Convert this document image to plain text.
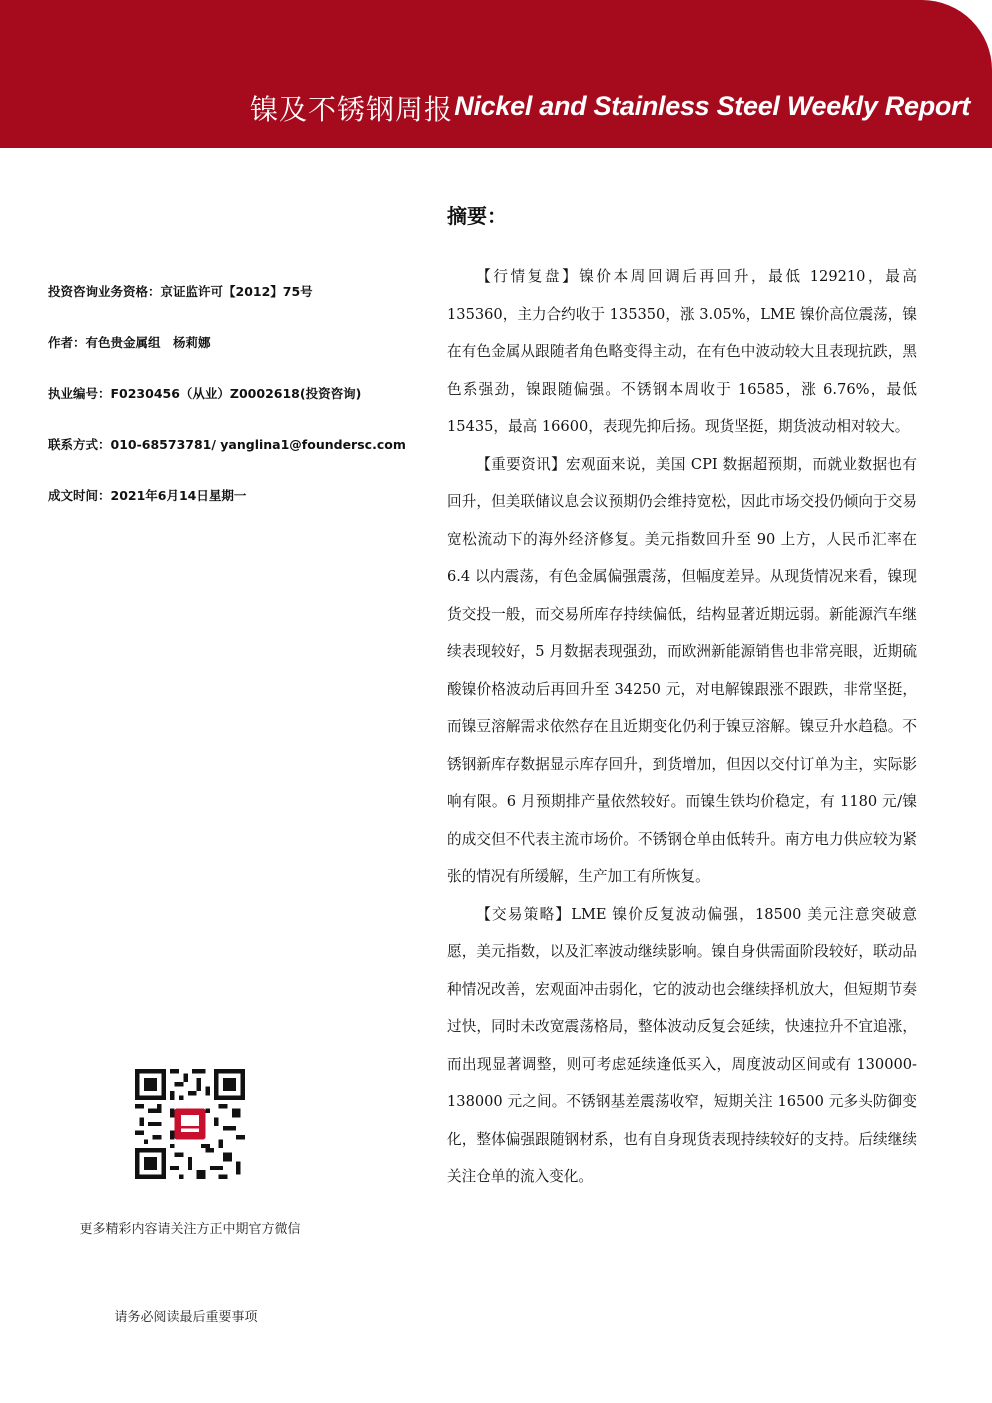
镍及不锈钢周报 Nickel and Stainless Steel Weekly Report
投资咨询业务资格：京证监许可【2012】75号
作者：有色贵金属组　杨莉娜
执业编号：F0230456（从业）Z0002618(投资咨询)
联系方式：010-68573781/ yanglina1@foundersc.com
成文时间：2021年6月14日星期一
更多精彩内容请关注方正中期官方微信
请务必阅读最后重要事项
摘要：

【行情复盘】镍价本周回调后再回升，最低 129210，最高 135360，主力合约收于 135350，涨 3.05%，LME 镍价高位震荡，镍在有色金属从跟随者角色略变得主动，在有色中波动较大且表现抗跌，黑色系强劲，镍跟随偏强。不锈钢本周收于 16585，涨 6.76%，最低 15435，最高 16600，表现先抑后扬。现货坚挺，期货波动相对较大。

【重要资讯】宏观面来说，美国 CPI 数据超预期，而就业数据也有回升，但美联储议息会议预期仍会维持宽松，因此市场交投仍倾向于交易宽松流动下的海外经济修复。美元指数回升至 90 上方，人民币汇率在 6.4 以内震荡，有色金属偏强震荡，但幅度差异。从现货情况来看，镍现货交投一般，而交易所库存持续偏低，结构显著近期远弱。新能源汽车继续表现较好，5 月数据表现强劲，而欧洲新能源销售也非常亮眼，近期硫酸镍价格波动后再回升至 34250 元，对电解镍跟涨不跟跌，非常坚挺，而镍豆溶解需求依然存在且近期变化仍利于镍豆溶解。镍豆升水趋稳。不锈钢新库存数据显示库存回升，到货增加，但因以交付订单为主，实际影响有限。6 月预期排产量依然较好。而镍生铁均价稳定，有 1180 元/镍的成交但不代表主流市场价。不锈钢仓单由低转升。南方电力供应较为紧张的情况有所缓解，生产加工有所恢复。

【交易策略】LME 镍价反复波动偏强，18500 美元注意突破意愿，美元指数，以及汇率波动继续影响。镍自身供需面阶段较好，联动品种情况改善，宏观面冲击弱化，它的波动也会继续择机放大，但短期节奏过快，同时未改宽震荡格局，整体波动反复会延续，快速拉升不宜追涨，而出现显著调整，则可考虑延续逢低买入，周度波动区间或有 130000-138000 元之间。不锈钢基差震荡收窄，短期关注 16500 元多头防御变化，整体偏强跟随钢材系，也有自身现货表现持续较好的支持。后续继续关注仓单的流入变化。
